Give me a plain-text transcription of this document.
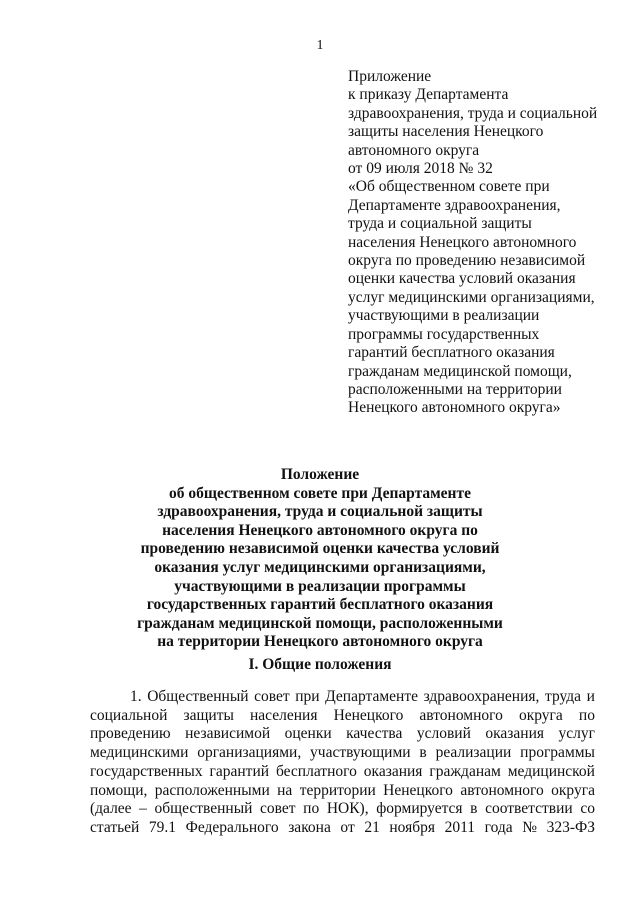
1
Приложение
к приказу Департамента
здравоохранения, труда и социальной
защиты населения Ненецкого
автономного округа
от 09 июля 2018 № 32
«Об общественном совете при
Департаменте здравоохранения,
труда и социальной защиты
населения Ненецкого автономного
округа по проведению независимой
оценки качества условий оказания
услуг медицинскими организациями,
участвующими в реализации
программы государственных
гарантий бесплатного оказания
гражданам медицинской помощи,
расположенными на территории
Ненецкого автономного округа»
Положение
об общественном совете при Департаменте
здравоохранения, труда и социальной защиты
населения Ненецкого автономного округа по
проведению независимой оценки качества условий
оказания услуг медицинскими организациями,
участвующими в реализации программы
государственных гарантий бесплатного оказания
гражданам медицинской помощи, расположенными
на территории Ненецкого автономного округа
I. Общие положения
1. Общественный совет при Департаменте здравоохранения, труда и
социальной защиты населения Ненецкого автономного округа по
проведению независимой оценки качества условий оказания услуг
медицинскими организациями, участвующими в реализации программы
государственных гарантий бесплатного оказания гражданам медицинской
помощи, расположенными на территории Ненецкого автономного округа
(далее – общественный совет по НОК), формируется в соответствии со
статьей 79.1 Федерального закона от 21 ноября 2011 года № 323-ФЗ
